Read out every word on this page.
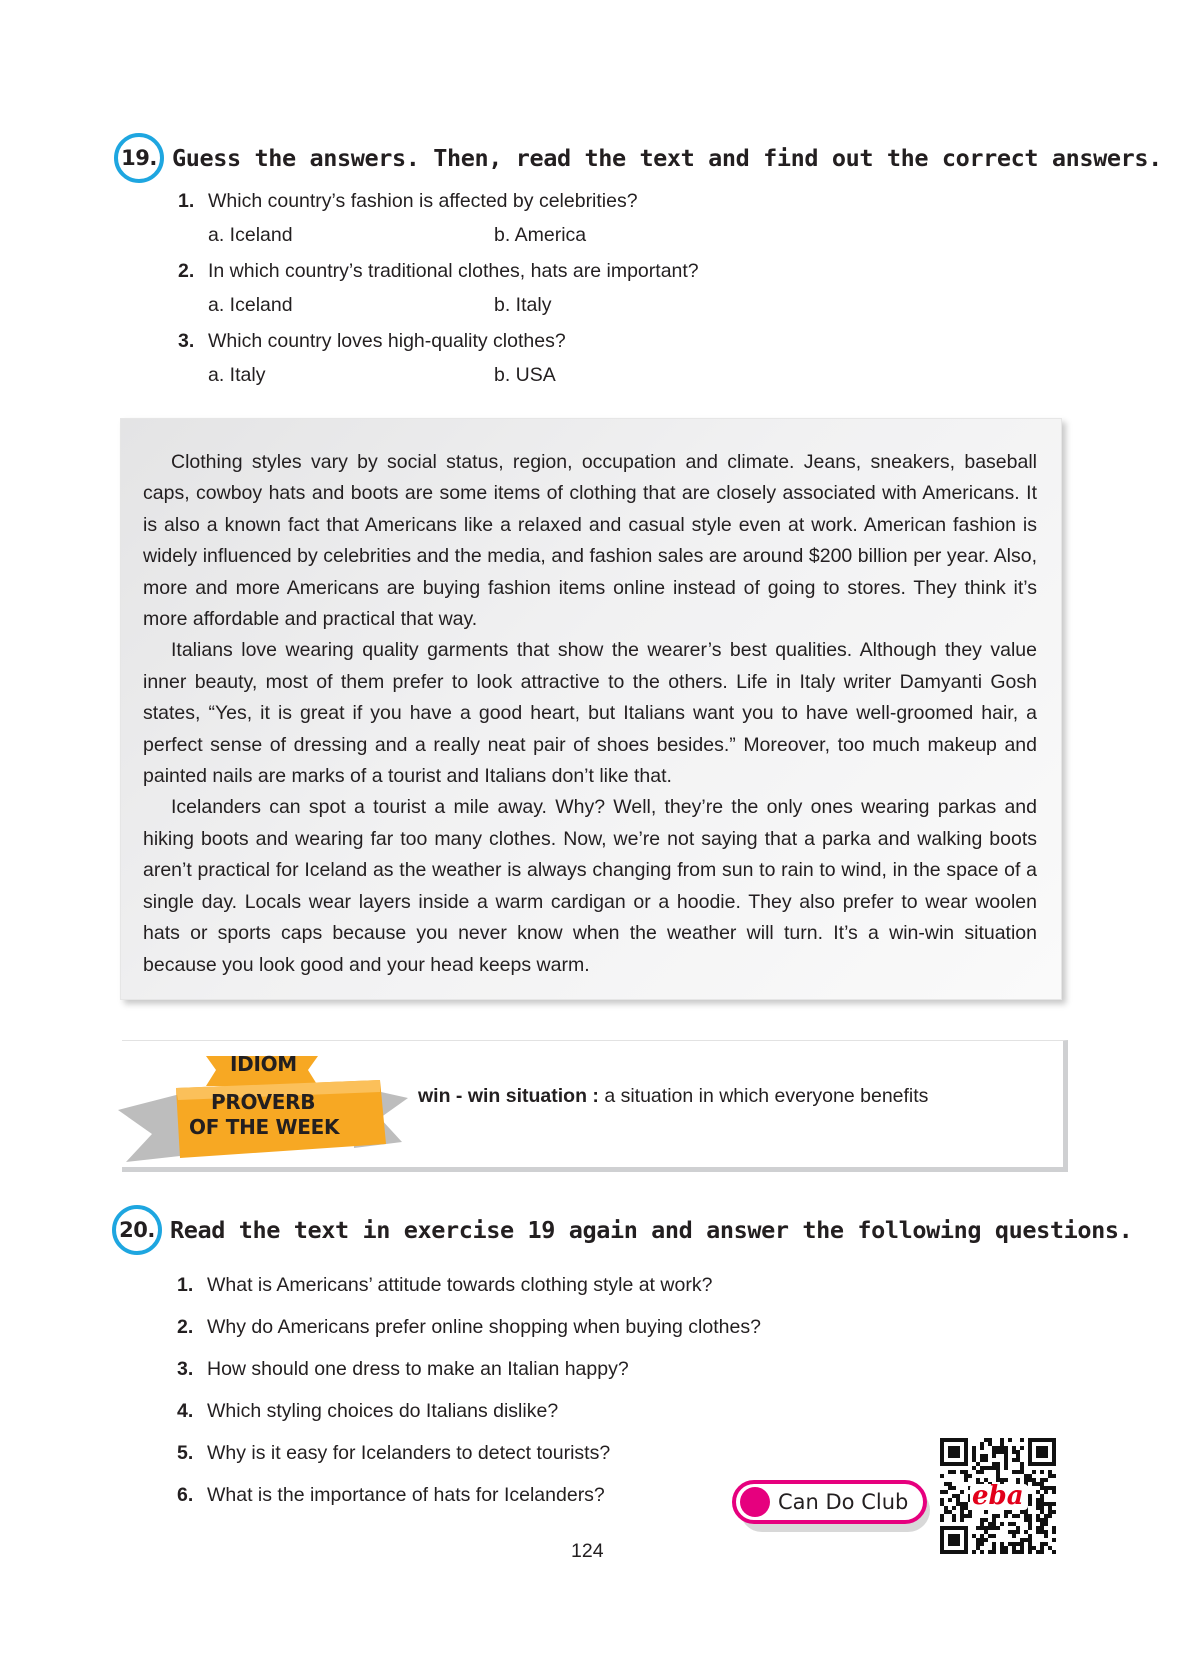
19. Guess the answers. Then, read the text and find out the correct answers.
1. Which country’s fashion is affected by celebrities?
a. Iceland	b. America
2. In which country’s traditional clothes, hats are important?
a. Iceland	b. Italy
3. Which country loves high-quality clothes?
a. Italy	b. USA

Clothing styles vary by social status, region, occupation and climate. Jeans, sneakers, baseball caps, cowboy hats and boots are some items of clothing that are closely associated with Americans. It is also a known fact that Americans like a relaxed and casual style even at work. American fashion is widely influenced by celebrities and the media, and fashion sales are around $200 billion per year. Also, more and more Americans are buying fashion items online instead of going to stores. They think it’s more affordable and practical that way.

Italians love wearing quality garments that show the wearer’s best qualities. Although they value inner beauty, most of them prefer to look attractive to the others. Life in Italy writer Damyanti Gosh states, “Yes, it is great if you have a good heart, but Italians want you to have well-groomed hair, a perfect sense of dressing and a really neat pair of shoes besides.” Moreover, too much makeup and painted nails are marks of a tourist and Italians don’t like that.

Icelanders can spot a tourist a mile away. Why? Well, they’re the only ones wearing parkas and hiking boots and wearing far too many clothes. Now, we’re not saying that a parka and walking boots aren’t practical for Iceland as the weather is always changing from sun to rain to wind, in the space of a single day. Locals wear layers inside a warm cardigan or a hoodie. They also prefer to wear woolen hats or sports caps because you never know when the weather will turn. It’s a win-win situation because you look good and your head keeps warm.

IDIOM
PROVERB
OF THE WEEK
win - win situation : a situation in which everyone benefits
20. Read the text in exercise 19 again and answer the following questions.
1. What is Americans’ attitude towards clothing style at work?
2. Why do Americans prefer online shopping when buying clothes?
3. How should one dress to make an Italian happy?
4. Which styling choices do Italians dislike?
5. Why is it easy for Icelanders to detect tourists?
6. What is the importance of hats for Icelanders?	Can Do Club eba
124
